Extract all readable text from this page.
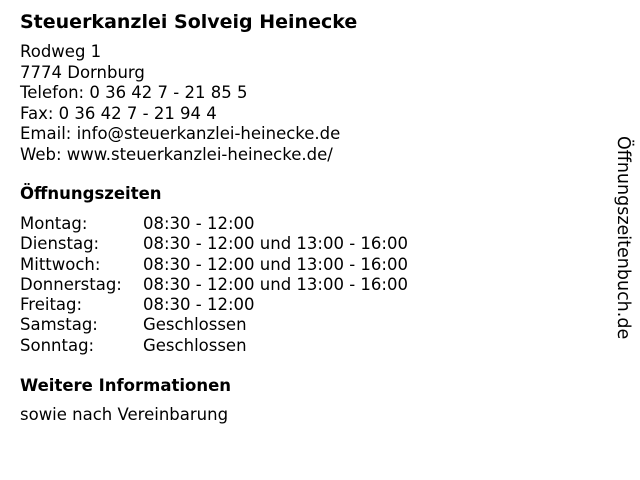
Steuerkanzlei Solveig Heinecke
Rodweg 1
7774 Dornburg
Telefon: 0 36 42 7 - 21 85 5
Fax: 0 36 42 7 - 21 94 4
Email: info@steuerkanzlei-heinecke.de
Web: www.steuerkanzlei-heinecke.de/
Öffnungszeiten
Montag:	08:30 - 12:00
Dienstag:	08:30 - 12:00 und 13:00 - 16:00
Mittwoch:	08:30 - 12:00 und 13:00 - 16:00
Donnerstag:	08:30 - 12:00 und 13:00 - 16:00
Freitag:	08:30 - 12:00
Samstag:	Geschlossen
Sonntag:	Geschlossen
Weitere Informationen
sowie nach Vereinbarung
Öffnungszeitenbuch.de
